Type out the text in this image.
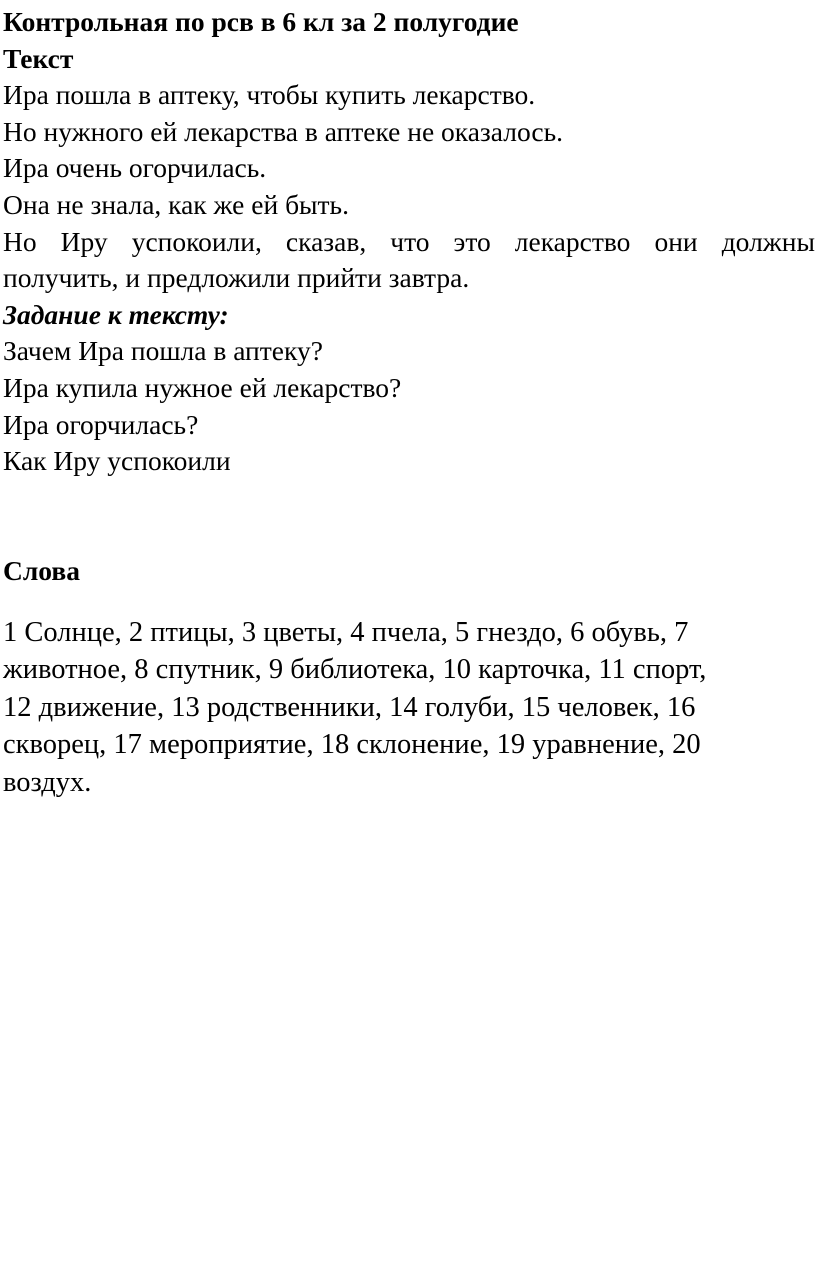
Контрольная по рсв в 6 кл за 2 полугодие
Текст
Ира пошла в аптеку, чтобы купить лекарство.
Но нужного ей лекарства в аптеке не оказалось.
Ира очень огорчилась.
Она не знала, как же ей быть.
Но Иру успокоили, сказав, что это лекарство они должны
получить, и предложили прийти завтра.
Задание к тексту:
Зачем Ира пошла в аптеку?
Ира купила нужное ей лекарство?
Ира огорчилась?
Как Иру успокоили
Слова
1 Солнце, 2 птицы, 3 цветы, 4 пчела, 5 гнездо, 6 обувь, 7
животное, 8 спутник, 9 библиотека, 10 карточка, 11 спорт,
12 движение, 13 родственники, 14 голуби, 15 человек, 16
скворец, 17 мероприятие, 18 склонение, 19 уравнение, 20
воздух.
